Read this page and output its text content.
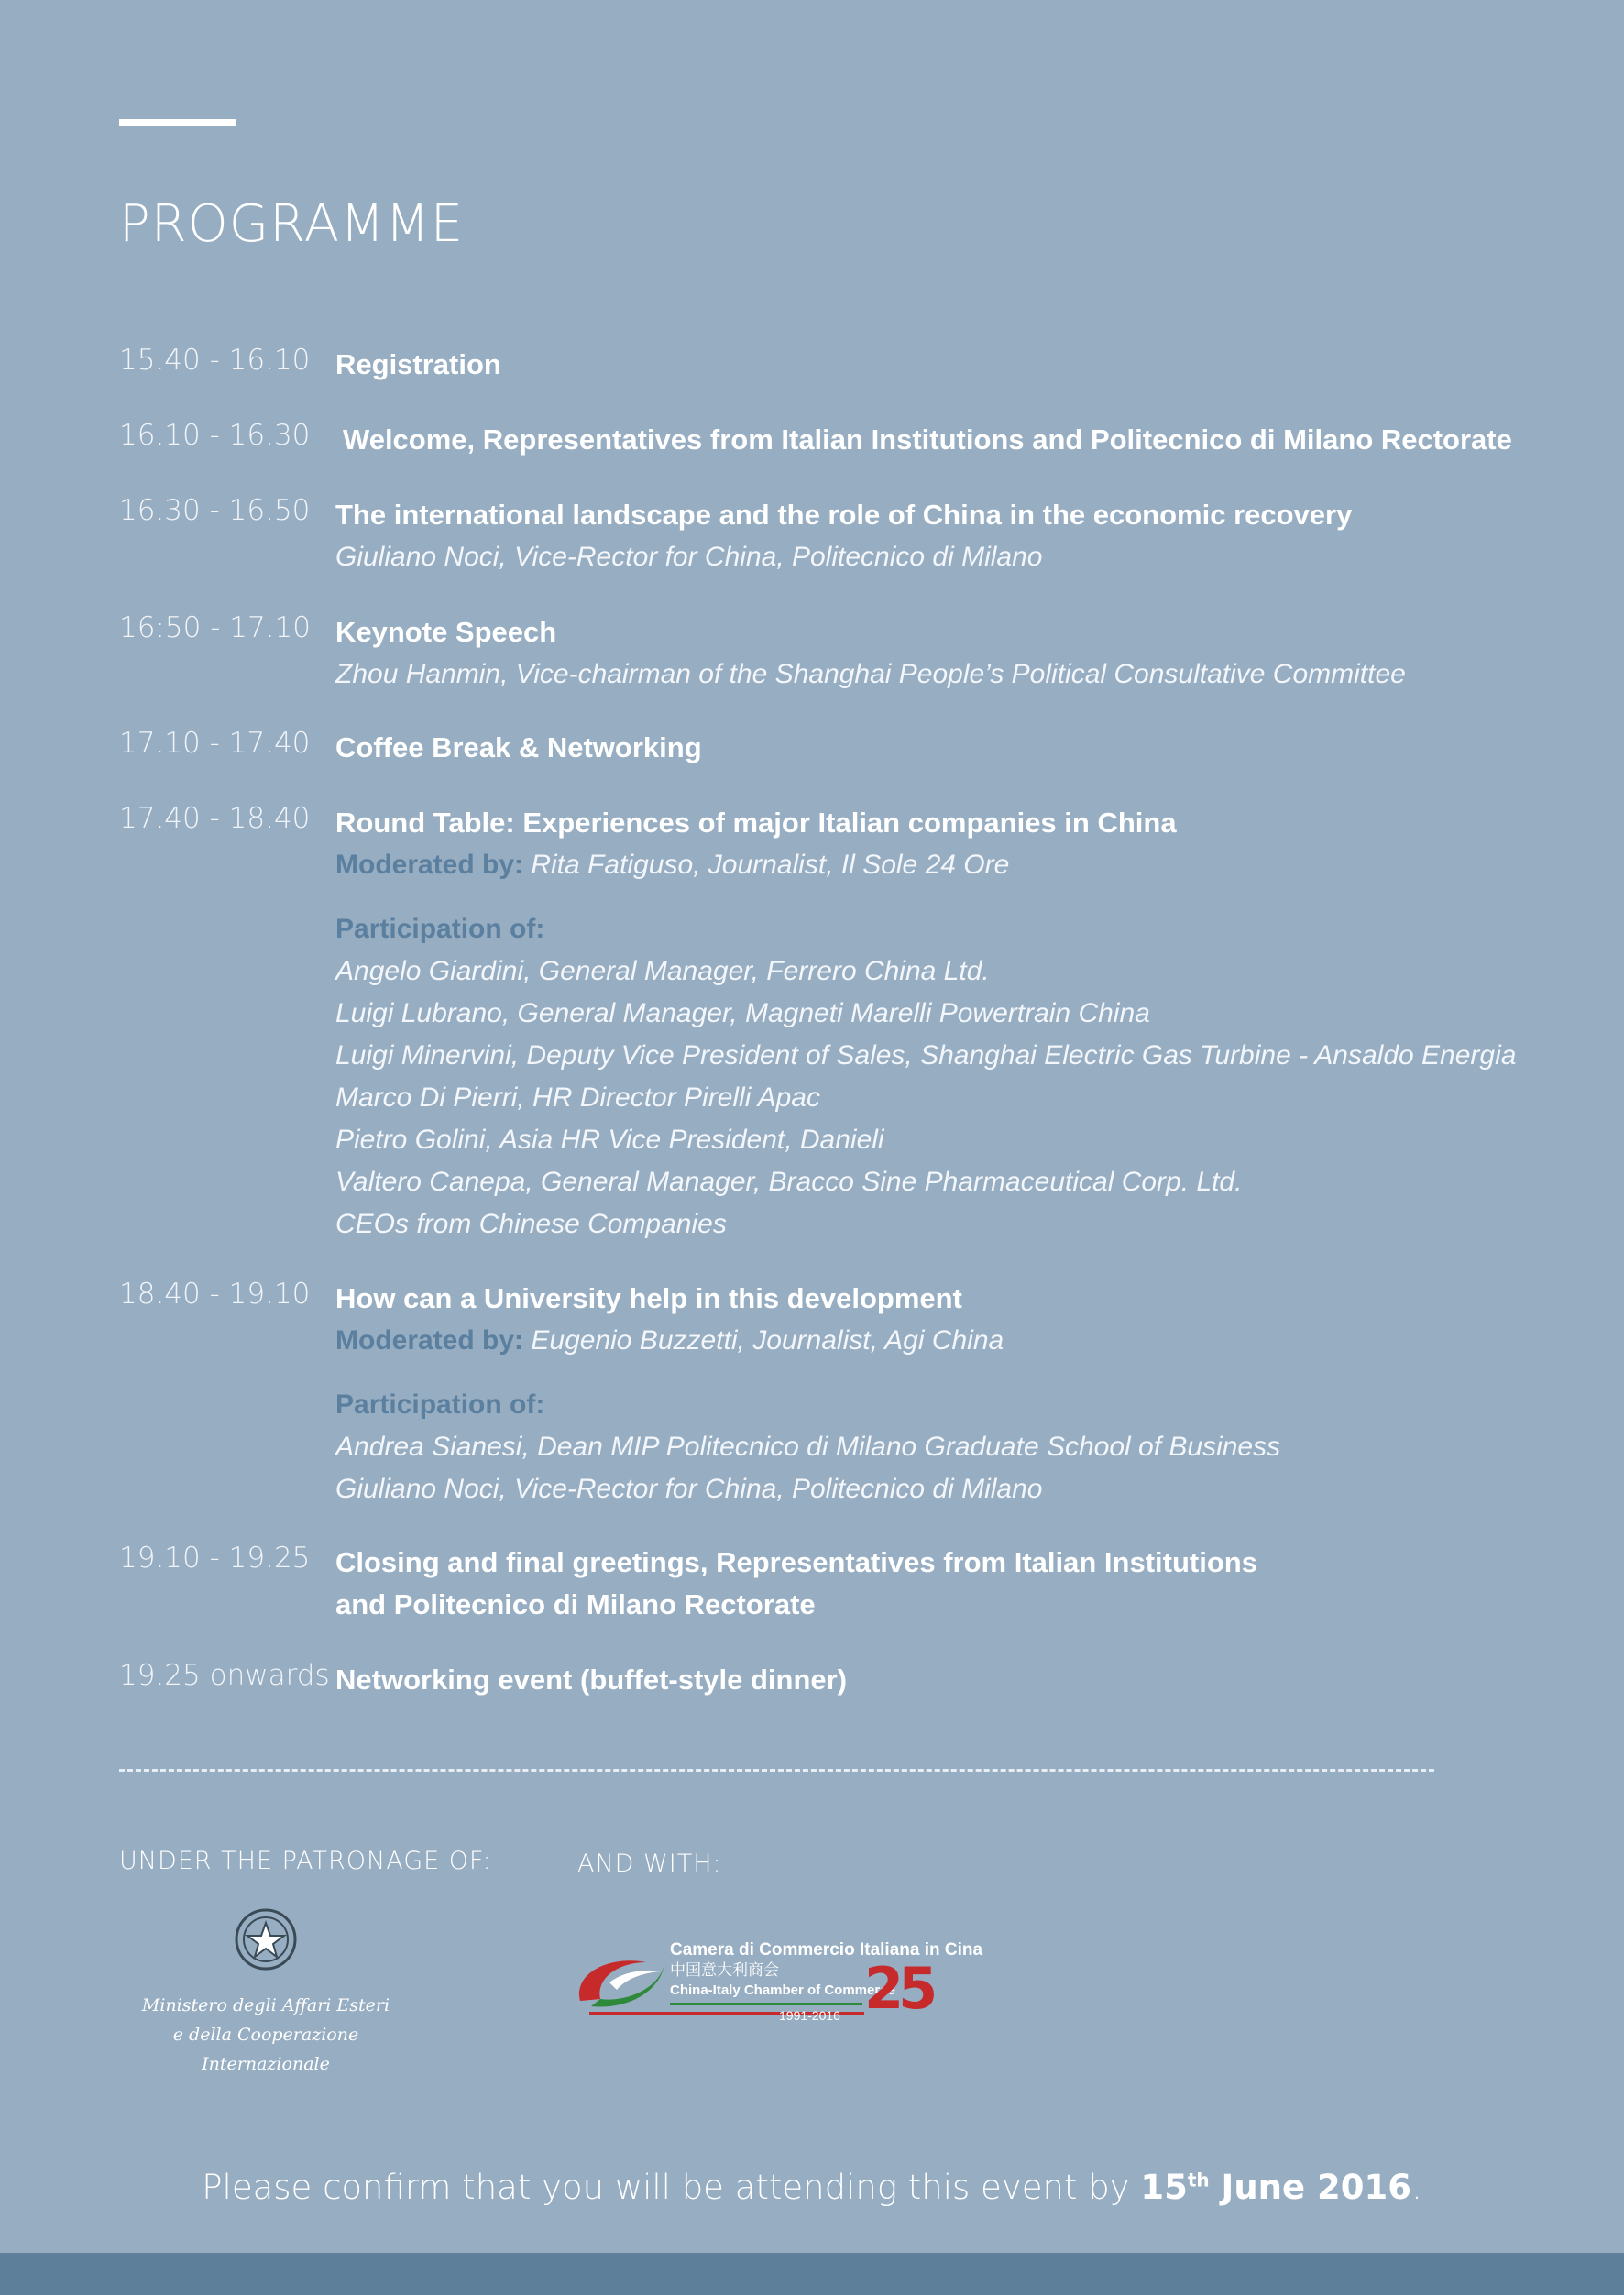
PROGRAMME
15.40 - 16.10 Registration
16.10 - 16.30 Welcome, Representatives from Italian Institutions and Politecnico di Milano Rectorate
16.30 - 16.50 The international landscape and the role of China in the economic recovery
Giuliano Noci, Vice-Rector for China, Politecnico di Milano
16:50 - 17.10 Keynote Speech
Zhou Hanmin, Vice-chairman of the Shanghai People’s Political Consultative Committee
17.10 - 17.40 Coffee Break & Networking
17.40 - 18.40 Round Table: Experiences of major Italian companies in China
Moderated by: Rita Fatiguso, Journalist, Il Sole 24 Ore
Participation of:
Angelo Giardini, General Manager, Ferrero China Ltd.
Luigi Lubrano, General Manager, Magneti Marelli Powertrain China
Luigi Minervini, Deputy Vice President of Sales, Shanghai Electric Gas Turbine - Ansaldo Energia
Marco Di Pierri, HR Director Pirelli Apac
Pietro Golini, Asia HR Vice President, Danieli
Valtero Canepa, General Manager, Bracco Sine Pharmaceutical Corp. Ltd.
CEOs from Chinese Companies
18.40 - 19.10 How can a University help in this development
Moderated by: Eugenio Buzzetti, Journalist, Agi China
Participation of:
Andrea Sianesi, Dean MIP Politecnico di Milano Graduate School of Business
Giuliano Noci, Vice-Rector for China, Politecnico di Milano
19.10 - 19.25 Closing and final greetings, Representatives from Italian Institutions
and Politecnico di Milano Rectorate
19.25 onwards Networking event (buffet-style dinner)
UNDER THE PATRONAGE OF:	AND WITH:
Ministero degli Affari Esteri
e della Cooperazione Internazionale
Camera di Commercio Italiana in Cina
中国意大利商会
China-Italy Chamber of Commerce
1991-2016 25
Please confirm that you will be attending this event by 15th June 2016.
